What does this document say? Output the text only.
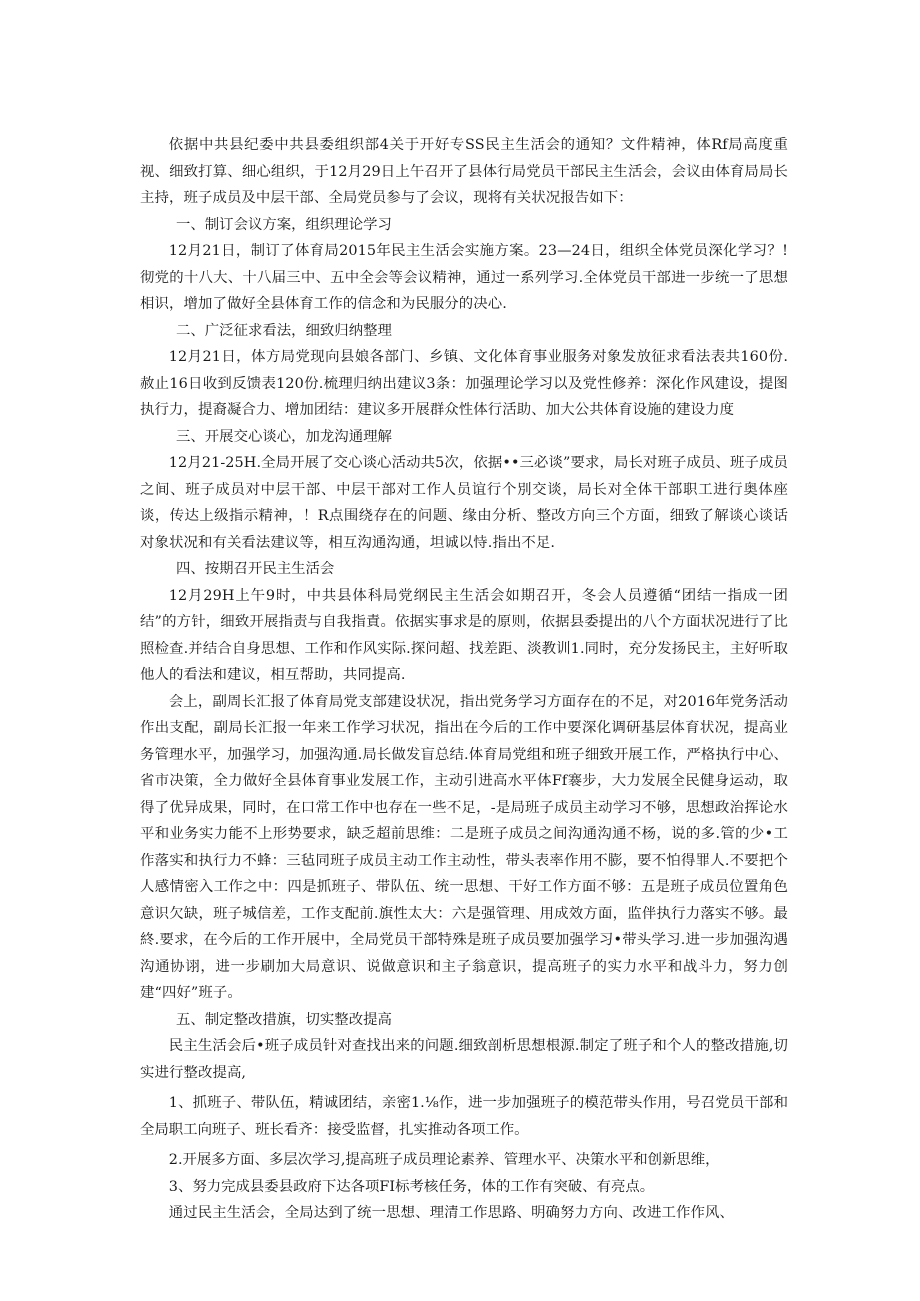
依据中共县纪委中共县委组织部4关于开好专SS民主生活会的通知？文件精神，体Rf局高度重视、细致打算、细心组织，于12月29日上午召开了县体行局党员干部民主生活会，会议由体育局局长主持，班子成员及中层干部、全局党员参与了会议，现将有关状况报告如下：

一、制订会议方案，组织理论学习

12月21日，制订了体育局2015年民主生活会实施方案。23—24日，组织全体党员深化学习？!彻党的十八大、十八届三中、五中全会等会议精神，通过一系列学习.全体党员干部进一步统一了思想相识，增加了做好全县体育工作的信念和为民服分的决心.

二、广泛征求看法，细致归纳整理

12月21日，体方局党现向县娘各部门、乡镇、文化体育事业服务对象发放征求看法表共160份.赦止16日收到反馈表120份.梳理归纳出建议3条：加强理论学习以及党性修养：深化作风建设，提图执行力，提裔凝合力、增加团结：建议多开展群众性体行活助、加大公共体育设施的建设力度

三、开展交心谈心，加龙沟通理解

12月21-25H.全局开展了交心谈心活动共5次，依据••三必谈”要求，局长对班子成员、班子成员之间、班子成员对中层干部、中层干部对工作人员谊行个別交谈，局长对全体干部职工进行奥体座谈，传达上级指示精神，！R点围绕存在的问题、缘由分析、整改方向三个方面，细致了解谈心谈话对象状况和有关看法建议等，相互沟通沟通，坦诚以恃.指出不足.

四、按期召开民主生活会

12月29H上午9时，中共县体科局党纲民主生活会如期召开，冬会人员遵循“团结一指成一团结”的方针，细致开展指责与自我指責。依据实事求是的原则，依据县委提出的八个方面状况进行了比照检查.并结合自身思想、工作和作风实际.探问超、找差距、淡教训1.同时，充分发扬民主，主好听取他人的看法和建议，相互帮助，共同提高.

会上，副周长汇报了体育局党支部建设状况，指出党务学习方面存在的不足，对2016年党务活动作出支配，副局长汇报一年来工作学习状况，指出在今后的工作中要深化调研基层体育状况，提高业务管理水平，加强学习，加强沟通.局长做发盲总结.体育局党组和班子细致开展工作，严格执行中心、省市决策，全力做好全县体育事业发展工作，主动引进高水平体Ff褰步，大力发展全民健身运动，取得了优异成果，同时，在口常工作中也存在一些不足，-是局班子成员主动学习不够，思想政治挥论水平和业务实力能不上形势要求，缺乏超前思维：二是班子成员之间沟通沟通不杨，说的多.管的少•工作落实和执行力不蜂：三毡同班子成员主动工作主动性，带头表率作用不膨，要不怕得罪人.不要把个人感情密入工作之中：四是抓班子、带队伍、统一思想、干好工作方面不够：五是班子成员位置角色意识欠缺，班子城信差，工作支配前.旗性太大：六是强管理、用成效方面，监伴执行力落实不够。最終.要求，在今后的工作开展中，全局党员干部特殊是班子成员要加强学习•带头学习.进一步加强沟遇沟通协诩，进一步刷加大局意识、说做意识和主子翁意识，提高班子的实力水平和战斗力，努力创建“四好”班子。

五、制定整改措旗，切实整改提高

民主生活会后•班子成员针对查找出来的问题.细致剖析思想根源.制定了班子和个人的整改措施,切实进行整改提高,

1、抓班子、带队伍，精诚团结，亲密1.⅛作，进一步加强班子的模范带头作用，号召党员干部和全局职工向班子、班长看齐：接受监督，扎实推动各项工作。

2.开展多方面、多层次学习,提高班子成员理论素养、管理水平、决策水平和创新思维，

3、努力完成县委县政府下达各项FI标考核任务，体的工作有突破、有亮点。

通过民主生活会，全局达到了统一思想、理清工作思路、明确努力方向、改进工作作风、
